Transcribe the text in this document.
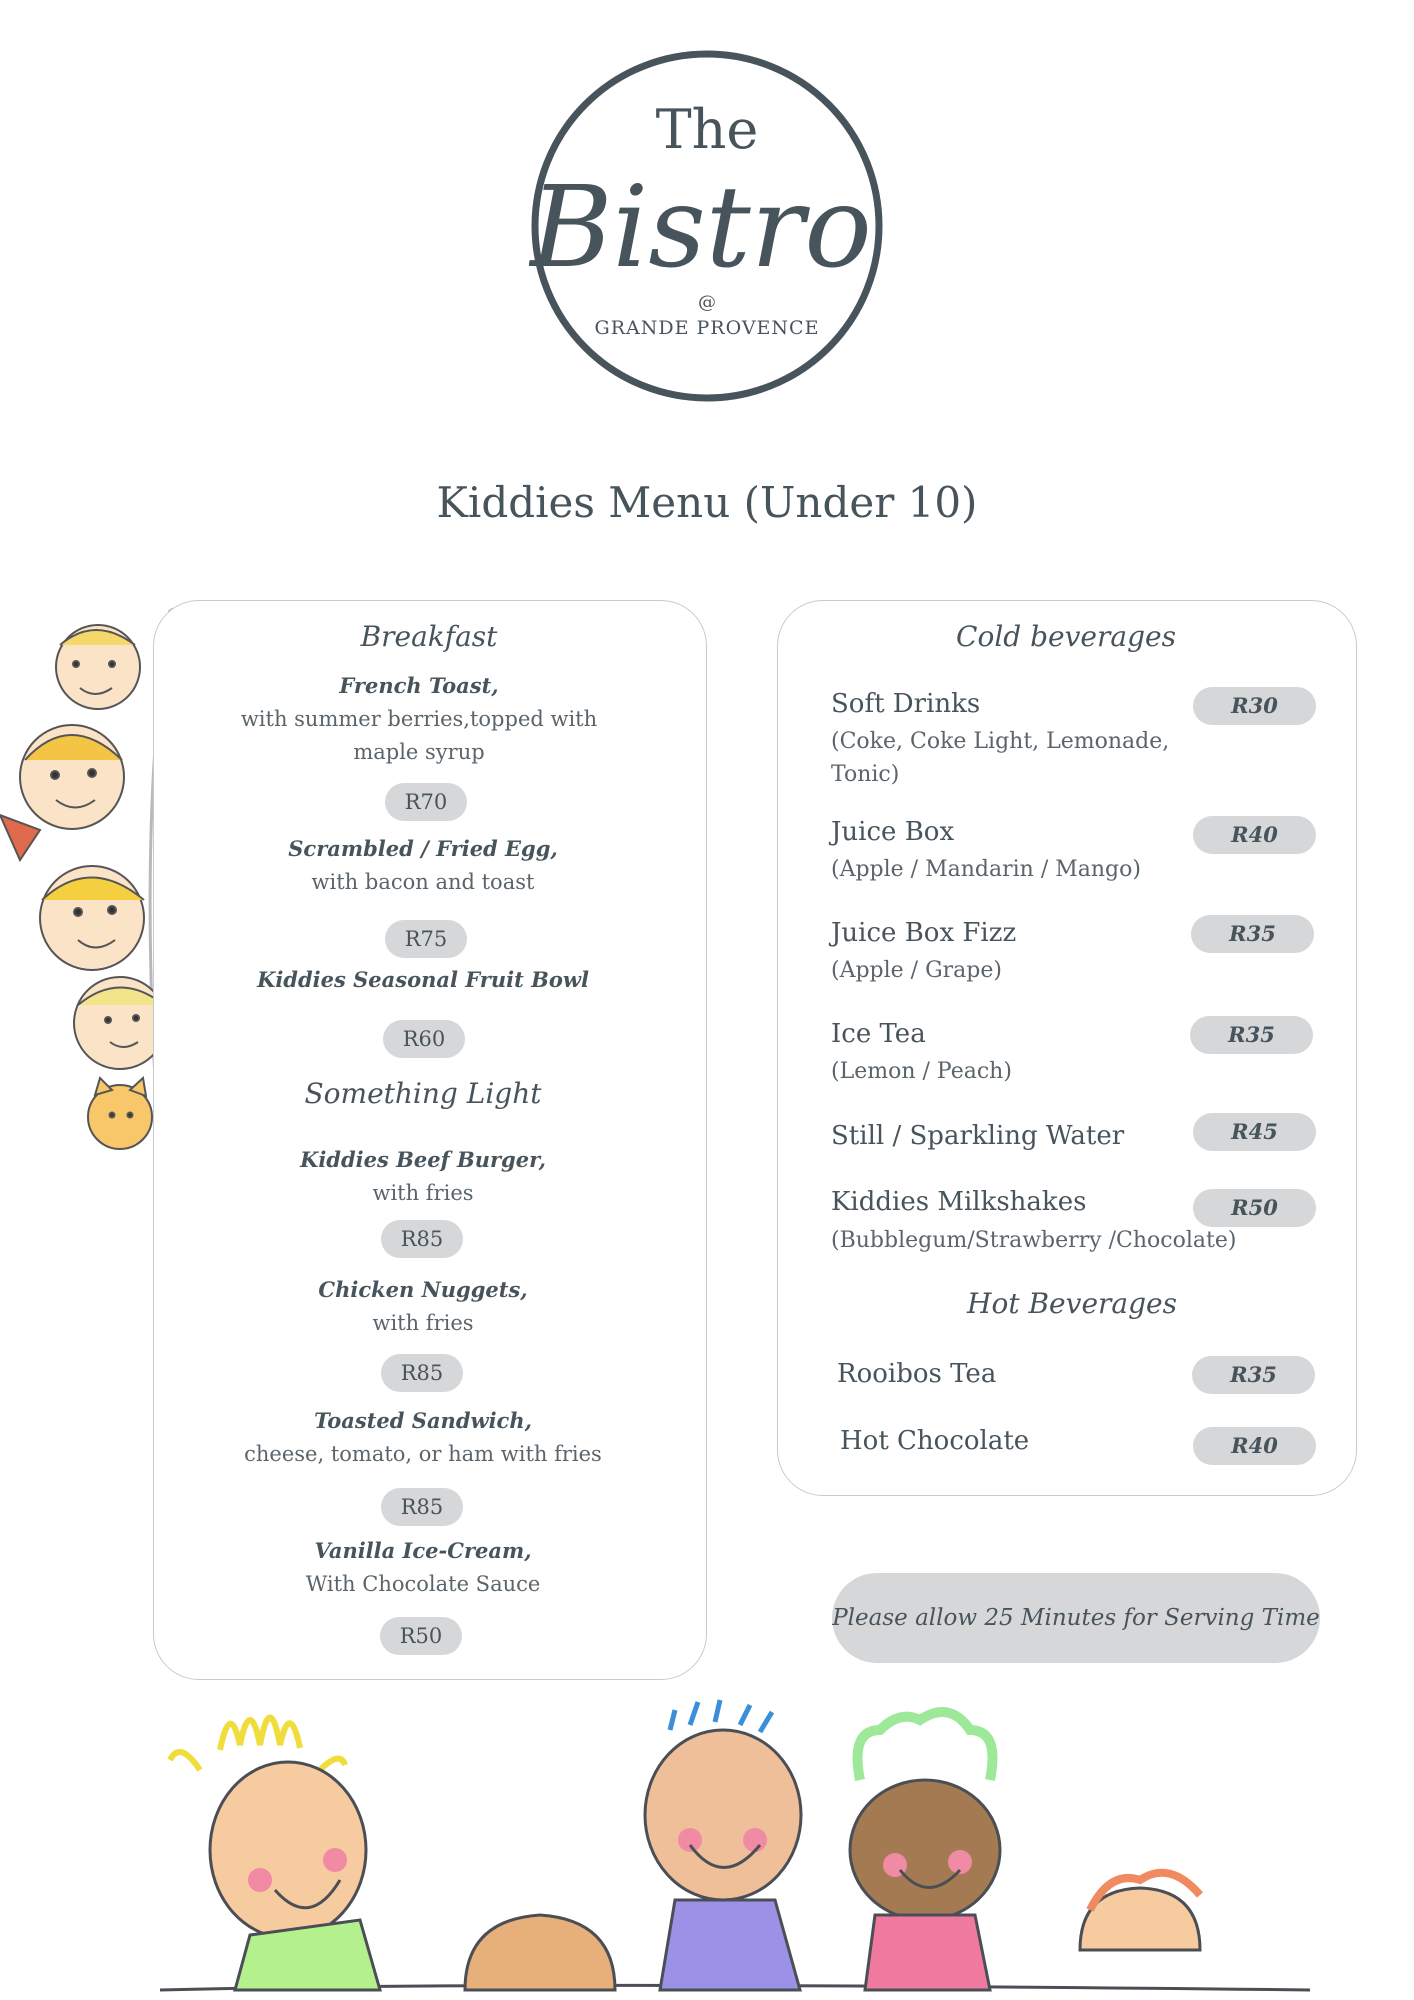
The
Bistro
@
GRANDE PROVENCE
Kiddies Menu (Under 10)
Breakfast
French Toast,
with summer berries,topped with
maple syrup
R70
Scrambled / Fried Egg,
with bacon and toast
R75
Kiddies Seasonal Fruit Bowl
R60
Something Light
Kiddies Beef Burger,
with fries
R85
Chicken Nuggets,
with fries
R85
Toasted Sandwich,
cheese, tomato, or ham with fries
R85
Vanilla Ice-Cream,
With Chocolate Sauce
R50
Cold beverages
Soft Drinks
(Coke, Coke Light, Lemonade,
Tonic)
R30
Juice Box
(Apple / Mandarin / Mango)
R40
Juice Box Fizz
(Apple / Grape)
R35
Ice Tea
(Lemon / Peach)
R35
Still / Sparkling Water	R45
Kiddies Milkshakes
(Bubblegum/Strawberry /Chocolate)
R50
Hot Beverages
Rooibos Tea	R35
Hot Chocolate	R40
Please allow 25 Minutes for Serving Time
